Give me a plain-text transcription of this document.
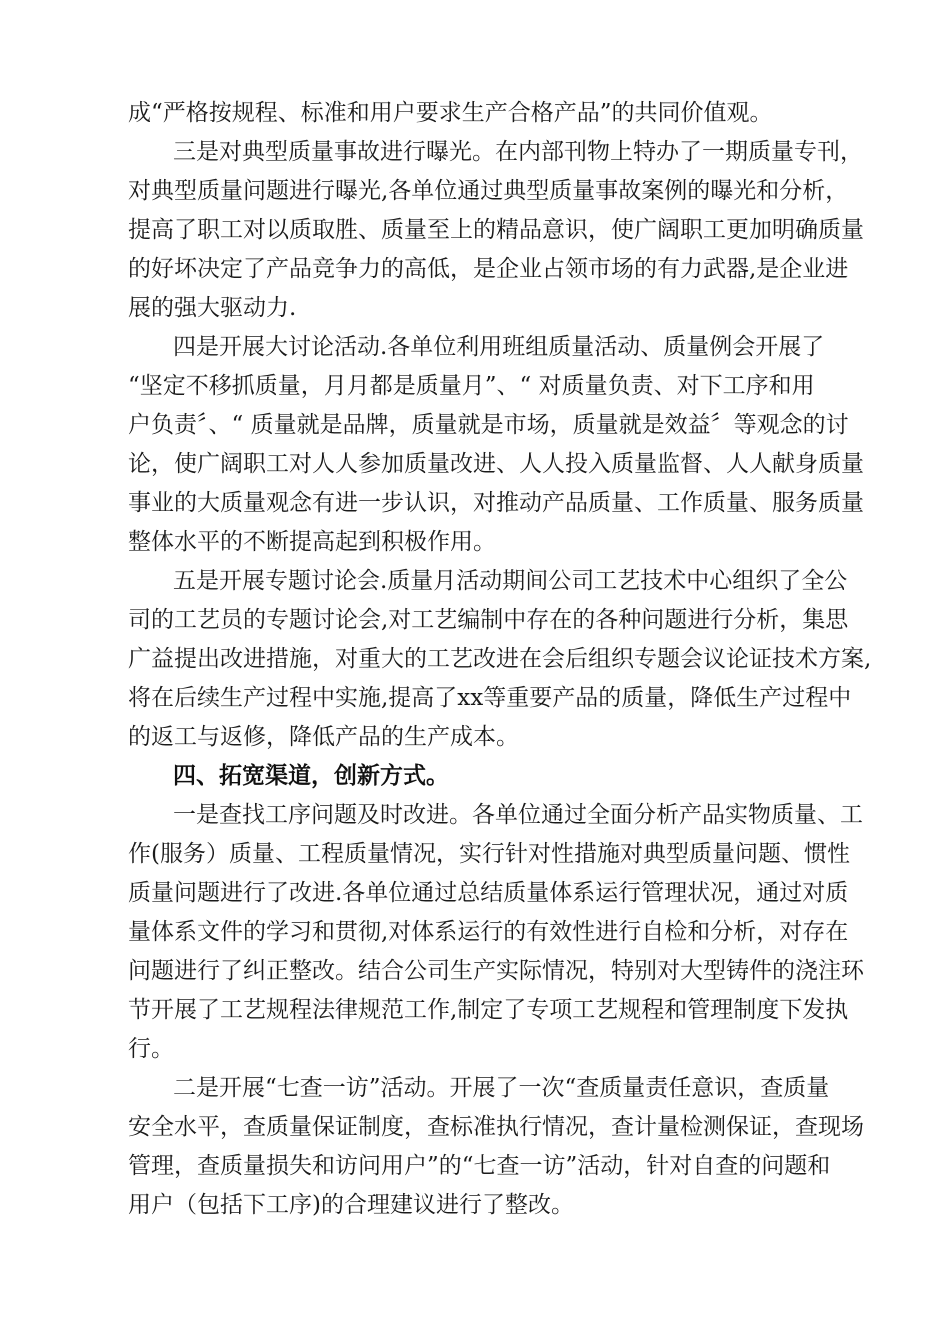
成“严格按规程、标准和用户要求生产合格产品”的共同价值观。
三是对典型质量事故进行曝光。在内部刊物上特办了一期质量专刊，
对典型质量问题进行曝光,各单位通过典型质量事故案例的曝光和分析，
提高了职工对以质取胜、质量至上的精品意识，使广阔职工更加明确质量
的好坏决定了产品竞争力的高低，是企业占领市场的有力武器,是企业进
展的强大驱动力.
四是开展大讨论活动.各单位利用班组质量活动、质量例会开展了
“坚定不移抓质量，月月都是质量月”、“ 对质量负责、对下工序和用
户负责〞、“ 质量就是品牌，质量就是市场，质量就是效益〞等观念的讨
论，使广阔职工对人人参加质量改进、人人投入质量监督、人人献身质量
事业的大质量观念有进一步认识，对推动产品质量、工作质量、服务质量
整体水平的不断提高起到积极作用。
五是开展专题讨论会.质量月活动期间公司工艺技术中心组织了全公
司的工艺员的专题讨论会,对工艺编制中存在的各种问题进行分析，集思
广益提出改进措施，对重大的工艺改进在会后组织专题会议论证技术方案,
将在后续生产过程中实施,提高了xx等重要产品的质量，降低生产过程中
的返工与返修，降低产品的生产成本。
四、拓宽渠道，创新方式。
一是查找工序问题及时改进。各单位通过全面分析产品实物质量、工
作(服务）质量、工程质量情况，实行针对性措施对典型质量问题、惯性
质量问题进行了改进.各单位通过总结质量体系运行管理状况，通过对质
量体系文件的学习和贯彻,对体系运行的有效性进行自检和分析，对存在
问题进行了纠正整改。结合公司生产实际情况，特别对大型铸件的浇注环
节开展了工艺规程法律规范工作,制定了专项工艺规程和管理制度下发执
行。
二是开展“七查一访”活动。开展了一次“查质量责任意识，查质量
安全水平，查质量保证制度，查标准执行情况，查计量检测保证，查现场
管理，查质量损失和访问用户”的“七查一访”活动，针对自查的问题和
用户（包括下工序)的合理建议进行了整改。
